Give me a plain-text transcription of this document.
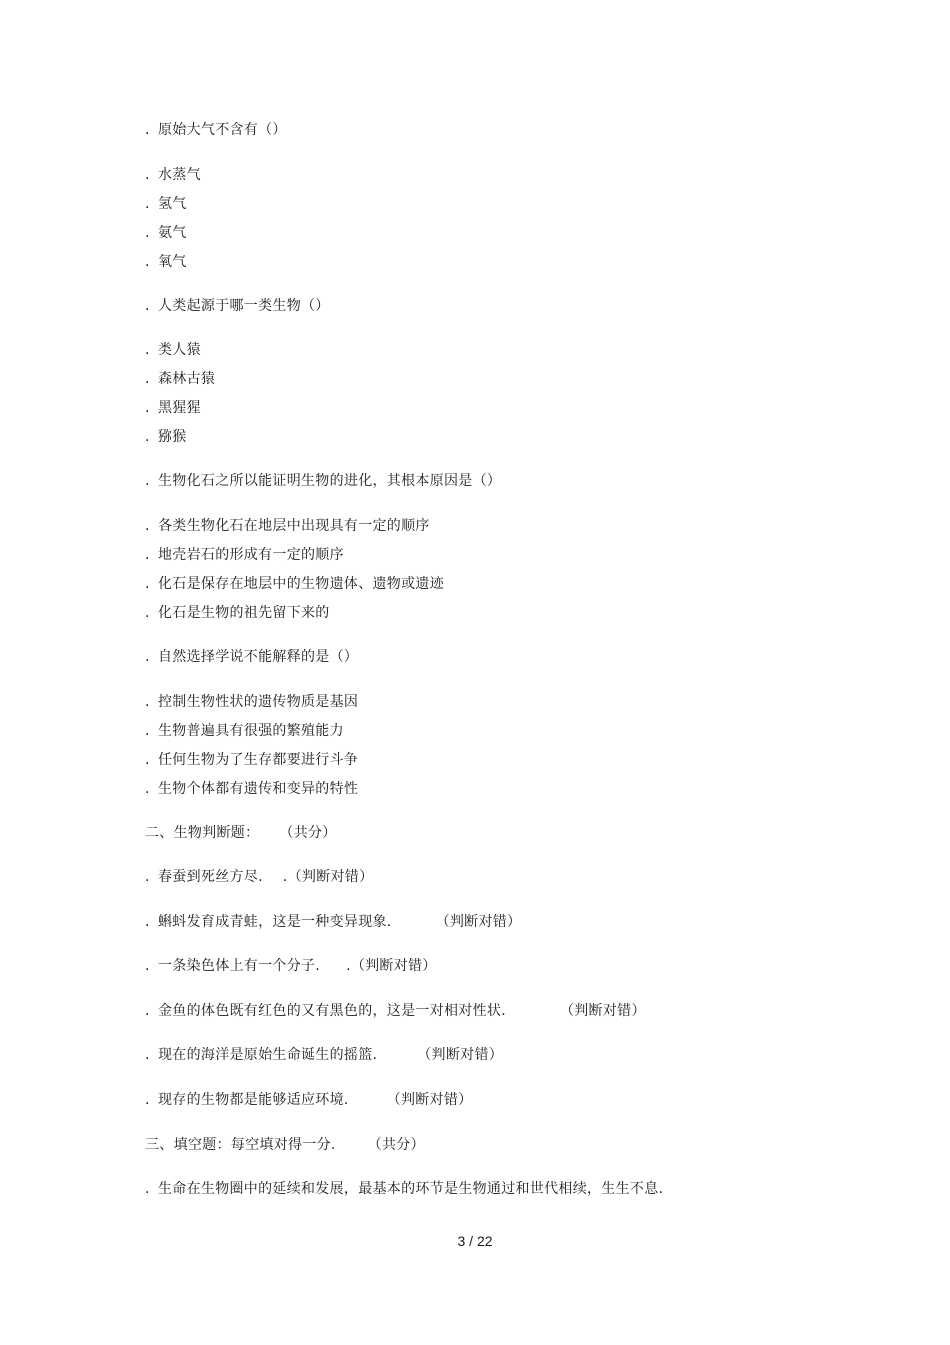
. 原始大气不含有（）
. 水蒸气
. 氢气
. 氨气
. 氧气
. 人类起源于哪一类生物（）
. 类人猿
. 森林古猿
. 黑猩猩
. 猕猴
. 生物化石之所以能证明生物的进化，其根本原因是（）
. 各类生物化石在地层中出现具有一定的顺序
. 地壳岩石的形成有一定的顺序
. 化石是保存在地层中的生物遗体、遗物或遗迹
. 化石是生物的祖先留下来的
. 自然选择学说不能解释的是（）
. 控制生物性状的遗传物质是基因
. 生物普遍具有很强的繁殖能力
. 任何生物为了生存都要进行斗争
. 生物个体都有遗传和变异的特性
二、生物判断题： （共分）
. 春蚕到死丝方尽. .（判断对错）
. 蝌蚪发育成青蛙，这是一种变异现象.	（判断对错）
. 一条染色体上有一个分子. .（判断对错）
. 金鱼的体色既有红色的又有黑色的，这是一对相对性状.	（判断对错）
. 现在的海洋是原始生命诞生的摇篮.	（判断对错）
. 现存的生物都是能够适应环境.	（判断对错）
三、填空题：每空填对得一分. （共分）
. 生命在生物圈中的延续和发展，最基本的环节是生物通过和世代相续，生生不息.
3 / 22
